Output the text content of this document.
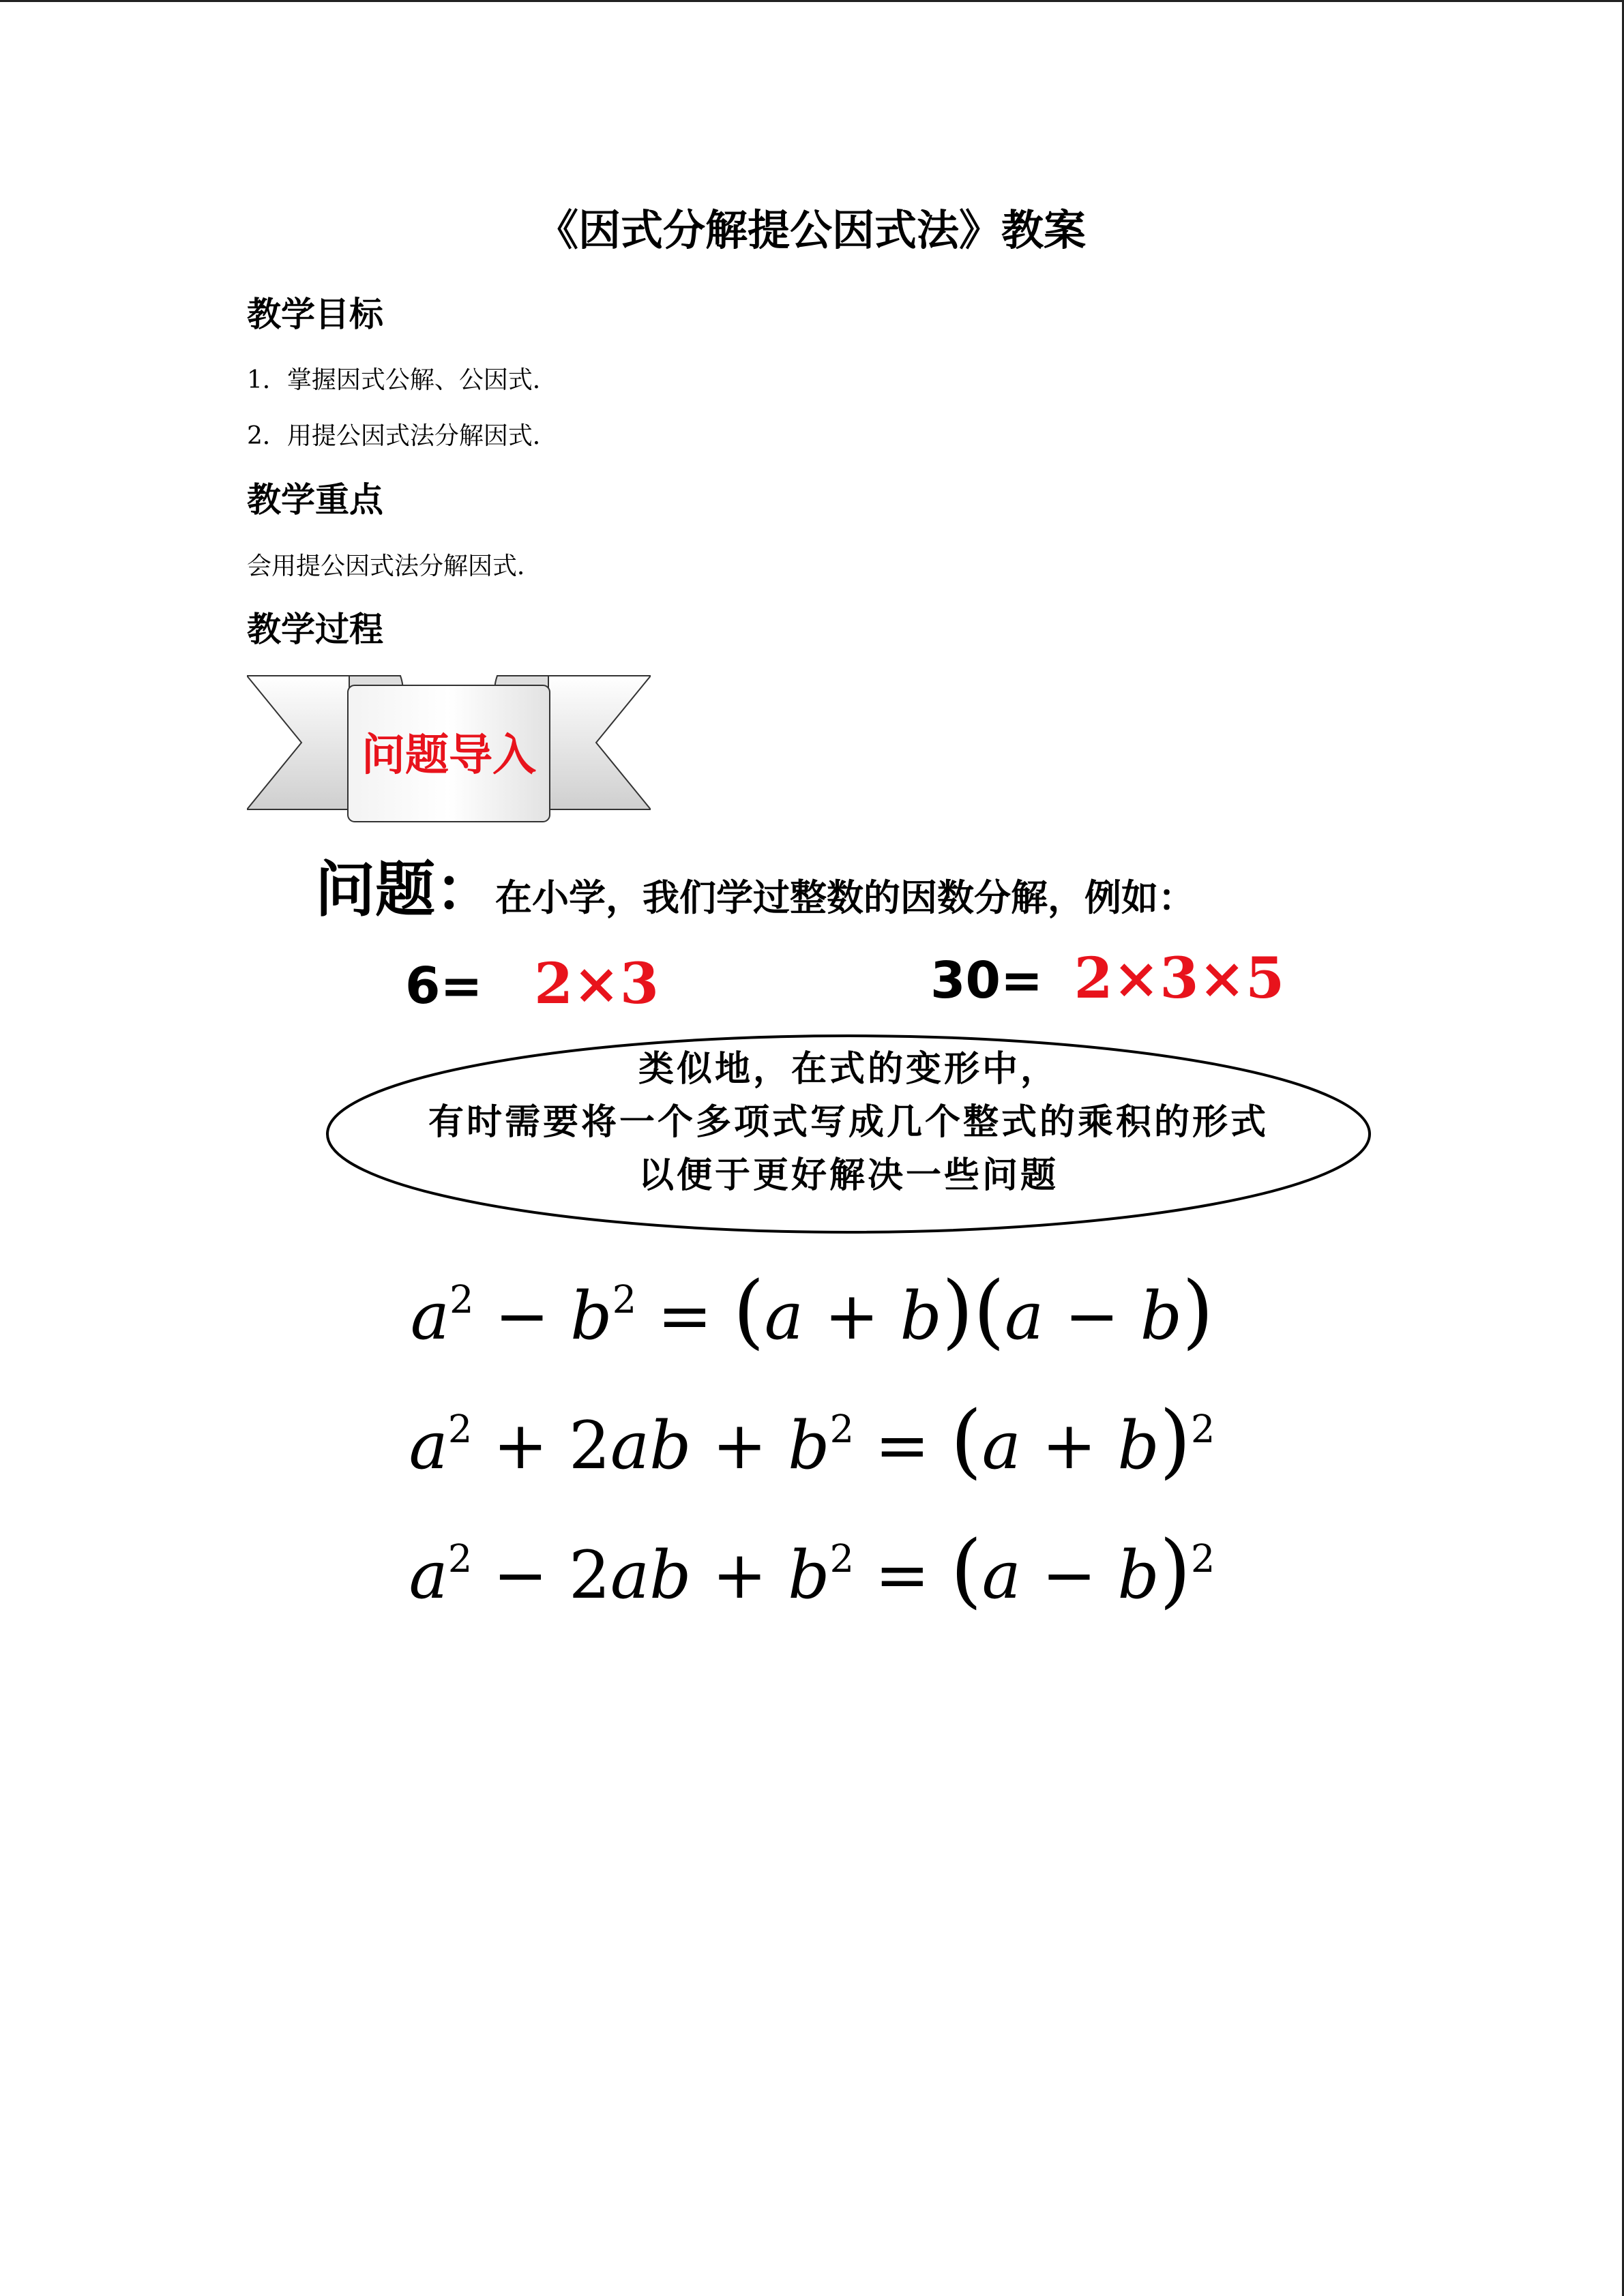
《因式分解提公因式法》教案
教学目标
1．掌握因式公解、公因式．
2．用提公因式法分解因式．
教学重点
会用提公因式法分解因式．
教学过程
问题导入
问题：在小学，我们学过整数的因数分解，例如：
6= 2×3	30= 2×3×5
类似地，在式的变形中，
有时需要将一个多项式写成几个整式的乘积的形式
以便于更好解决一些问题
$a^2 - b^2 = (a + b)(a - b)$
$a^2 + 2ab + b^2 = (a + b)^2$
$a^2 - 2ab + b^2 = (a - b)^2$
